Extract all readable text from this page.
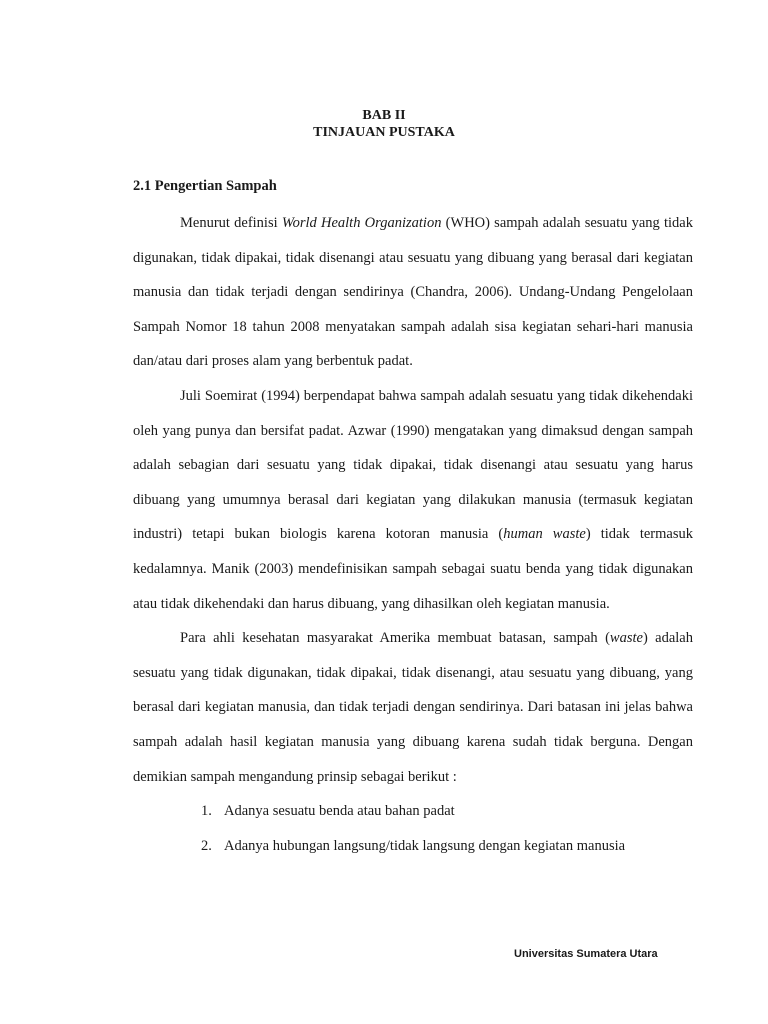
BAB II
TINJAUAN PUSTAKA
2.1 Pengertian Sampah

Menurut definisi World Health Organization (WHO) sampah adalah sesuatu yang tidak digunakan, tidak dipakai, tidak disenangi atau sesuatu yang dibuang yang berasal dari kegiatan manusia dan tidak terjadi dengan sendirinya (Chandra, 2006). Undang-Undang Pengelolaan Sampah Nomor 18 tahun 2008 menyatakan sampah adalah sisa kegiatan sehari-hari manusia dan/atau dari proses alam yang berbentuk padat.

Juli Soemirat (1994) berpendapat bahwa sampah adalah sesuatu yang tidak dikehendaki oleh yang punya dan bersifat padat. Azwar (1990) mengatakan yang dimaksud dengan sampah adalah sebagian dari sesuatu yang tidak dipakai, tidak disenangi atau sesuatu yang harus dibuang yang umumnya berasal dari kegiatan yang dilakukan manusia (termasuk kegiatan industri) tetapi bukan biologis karena kotoran manusia (human waste) tidak termasuk kedalamnya. Manik (2003) mendefinisikan sampah sebagai suatu benda yang tidak digunakan atau tidak dikehendaki dan harus dibuang, yang dihasilkan oleh kegiatan manusia.

Para ahli kesehatan masyarakat Amerika membuat batasan, sampah (waste) adalah sesuatu yang tidak digunakan, tidak dipakai, tidak disenangi, atau sesuatu yang dibuang, yang berasal dari kegiatan manusia, dan tidak terjadi dengan sendirinya. Dari batasan ini jelas bahwa sampah adalah hasil kegiatan manusia yang dibuang karena sudah tidak berguna. Dengan demikian sampah mengandung prinsip sebagai berikut :

1. Adanya sesuatu benda atau bahan padat
2. Adanya hubungan langsung/tidak langsung dengan kegiatan manusia
Universitas Sumatera Utara
